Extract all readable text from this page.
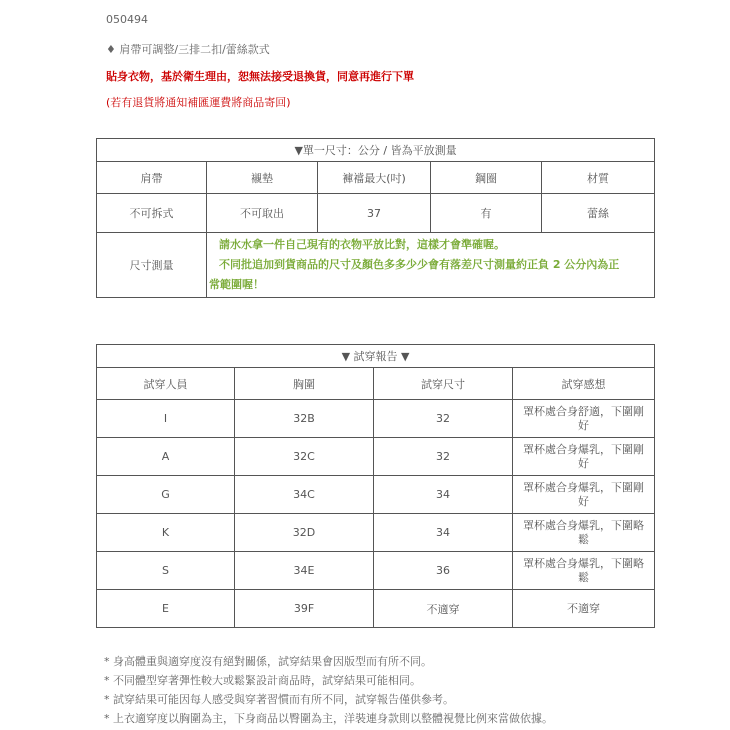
050494
♦ 肩帶可調整/三排二扣/蕾絲款式
貼身衣物，基於衛生理由，恕無法接受退換貨，同意再進行下單
(若有退貨將通知補匯運費將商品寄回)
▼單一尺寸：公分 / 皆為平放測量				
肩帶	襯墊	褲襠最大(吋)	鋼圈	材質
不可拆式	不可取出	37	有	蕾絲
尺寸測量	請水水拿一件自己現有的衣物平放比對，這樣才會準確喔。
不同批追加到貨商品的尺寸及顏色多多少少會有落差尺寸測量約正負 2 公分內為正
常範圍喔！			
▼ 試穿報告 ▼			
試穿人員	胸圍	試穿尺寸	試穿感想
I	32B	32	罩杯處合身舒適，下圍剛
好

A	32C	32	罩杯處合身爆乳，下圍剛
好

G	34C	34	罩杯處合身爆乳，下圍剛
好

K	32D	34	罩杯處合身爆乳，下圍略
鬆

S	34E	36	罩杯處合身爆乳，下圍略
鬆

E	39F	不適穿	不適穿
* 身高體重與適穿度沒有絕對關係，試穿結果會因版型而有所不同。
* 不同體型穿著彈性較大或鬆緊設計商品時，試穿結果可能相同。
* 試穿結果可能因每人感受與穿著習慣而有所不同，試穿報告僅供參考。
* 上衣適穿度以胸圍為主，下身商品以臀圍為主，洋裝連身款則以整體視覺比例來當做依據。
